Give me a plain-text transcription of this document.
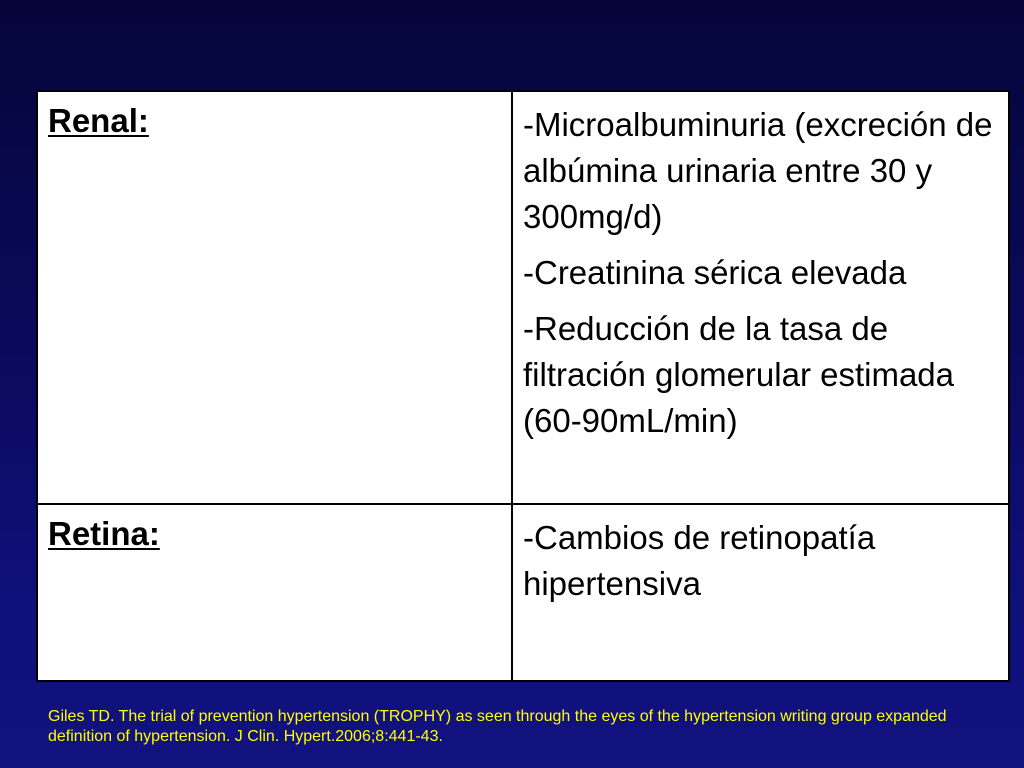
Renal:	-Microalbuminuria (excreción de albúmina urinaria entre 30 y 300mg/d)
-Creatinina sérica elevada
-Reducción de la tasa de filtración glomerular estimada (60-90mL/min)
Retina:	-Cambios de retinopatía hipertensiva
Giles TD. The trial of prevention hypertension (TROPHY) as seen through the eyes of the hypertension writing group expanded definition of hypertension. J Clin. Hypert.2006;8:441-43.
